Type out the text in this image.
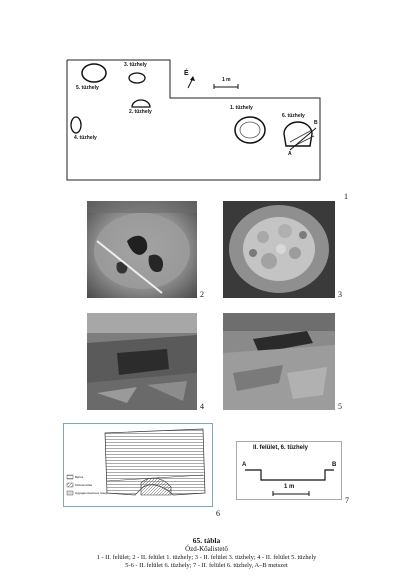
5. tüzhely
3. tüzhely
2. tüzhely
4. tüzhely
1. tüzhely
6. tüzhely
É
1 m
A
B
1
2	3
4	5
Barna
Kőzeiomolás
Agyagos-kavicsos réteg
6
II. felület, 6. tüzhely
A	B
1 m
7
65. tábla
Ózd-Kőalistető
1 - II. felület; 2 - II. felület 1. tüzhely; 3 - II. felület 3. tüzhely; 4 - II. felület 5. tüzhely
5-6 - II. felület 6. tüzhely; 7 - II. felület 6. tüzhely, A–B metszet
